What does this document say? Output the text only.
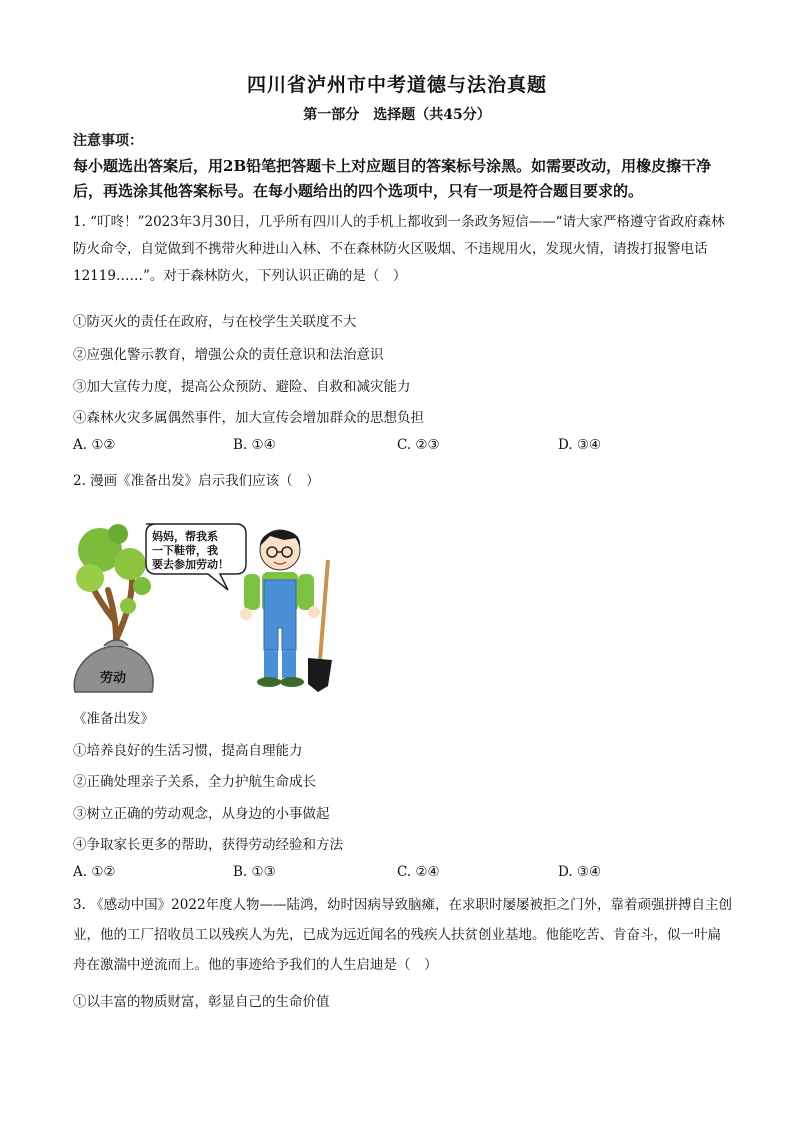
四川省泸州市中考道德与法治真题
第一部分　选择题（共45分）
注意事项：
每小题选出答案后，用2B铅笔把答题卡上对应题目的答案标号涂黑。如需要改动，用橡皮擦干净后，再选涂其他答案标号。在每小题给出的四个选项中，只有一项是符合题目要求的。
1. “叮咚！”2023年3月30日，几乎所有四川人的手机上都收到一条政务短信——“请大家严格遵守省政府森林防火命令，自觉做到不携带火种进山入林、不在森林防火区吸烟、不违规用火，发现火情，请拨打报警电话12119……”。对于森林防火，下列认识正确的是（　）
①防灭火的责任在政府，与在校学生关联度不大
②应强化警示教育，增强公众的责任意识和法治意识
③加大宣传力度，提高公众预防、避险、自救和减灾能力
④森林火灾多属偶然事件，加大宣传会增加群众的思想负担
A. ①②	B. ①④	C. ②③	D. ③④
2. 漫画《准备出发》启示我们应该（　）
劳动
妈妈，帮我系
一下鞋带，我
要去参加劳动！
《准备出发》
①培养良好的生活习惯，提高自理能力
②正确处理亲子关系，全力护航生命成长
③树立正确的劳动观念，从身边的小事做起
④争取家长更多的帮助，获得劳动经验和方法
A. ①②	B. ①③	C. ②④	D. ③④
3. 《感动中国》2022年度人物——陆鸿，幼时因病导致脑瘫，在求职时屡屡被拒之门外，靠着顽强拼搏自主创业，他的工厂招收员工以残疾人为先，已成为远近闻名的残疾人扶贫创业基地。他能吃苦、肯奋斗，似一叶扁舟在激湍中逆流而上。他的事迹给予我们的人生启迪是（　）
①以丰富的物质财富，彰显自己的生命价值
